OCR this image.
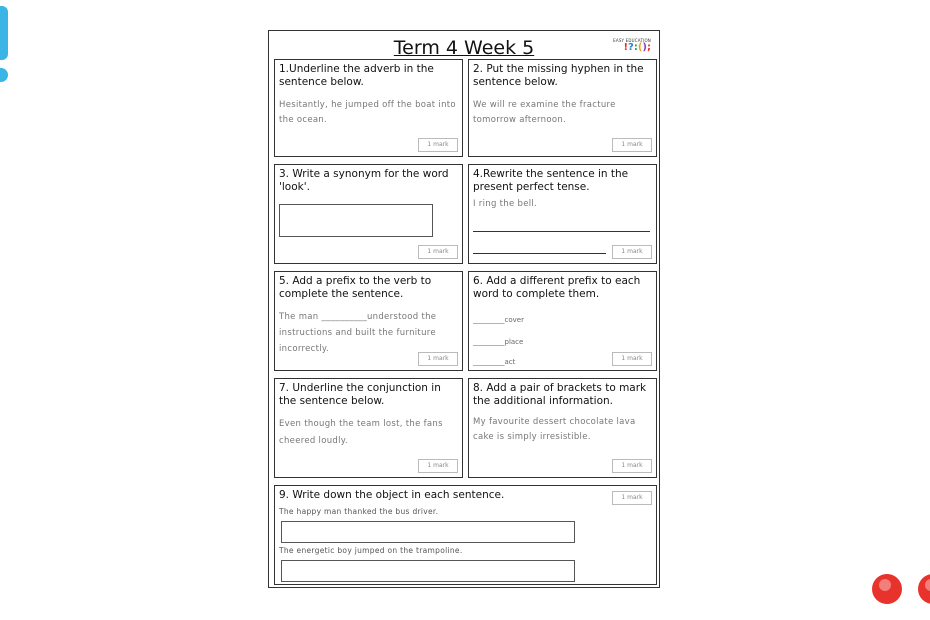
Term 4 Week 5	EASY EDUCATION
!?:();
1.Underline the adverb in the sentence below.
Hesitantly, he jumped off the boat into the ocean.
1 mark
2. Put the missing hyphen in the sentence below.
We will re examine the fracture tomorrow afternoon.
1 mark
3. Write a synonym for the word 'look'.
1 mark
4.Rewrite the sentence in the present perfect tense.
I ring the bell.
1 mark
5. Add a prefix to the verb to complete the sentence.
The man __________understood the instructions and built the furniture incorrectly.
1 mark
6. Add a different prefix to each word to complete them.
_________cover
_________place
_________act	1 mark
7. Underline the conjunction in the sentence below.
Even though the team lost, the fans cheered loudly.
1 mark
8. Add a pair of brackets to mark the additional information.
My favourite dessert chocolate lava cake is simply irresistible.
1 mark
9. Write down the object in each sentence.	1 mark
The happy man thanked the bus driver.
The energetic boy jumped on the trampoline.
